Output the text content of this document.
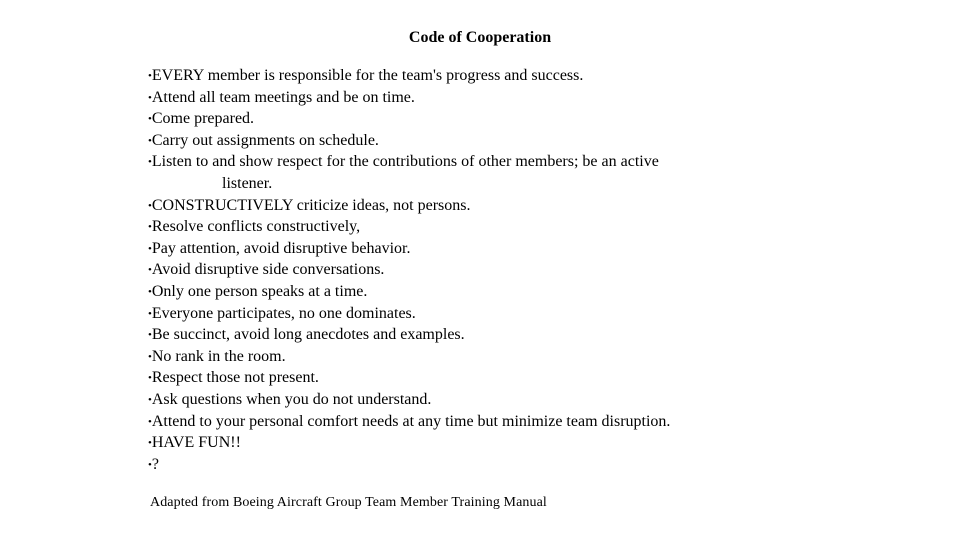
Code of Cooperation
•EVERY member is responsible for the team's progress and success.
•Attend all team meetings and be on time.
•Come prepared.
•Carry out assignments on schedule.
•Listen to and show respect for the contributions of other members; be an active
listener.
•CONSTRUCTIVELY criticize ideas, not persons.
•Resolve conflicts constructively,
•Pay attention, avoid disruptive behavior.
•Avoid disruptive side conversations.
•Only one person speaks at a time.
•Everyone participates, no one dominates.
•Be succinct, avoid long anecdotes and examples.
•No rank in the room.
•Respect those not present.
•Ask questions when you do not understand.
•Attend to your personal comfort needs at any time but minimize team disruption.
•HAVE FUN!!
•?

Adapted from Boeing Aircraft Group Team Member Training Manual
